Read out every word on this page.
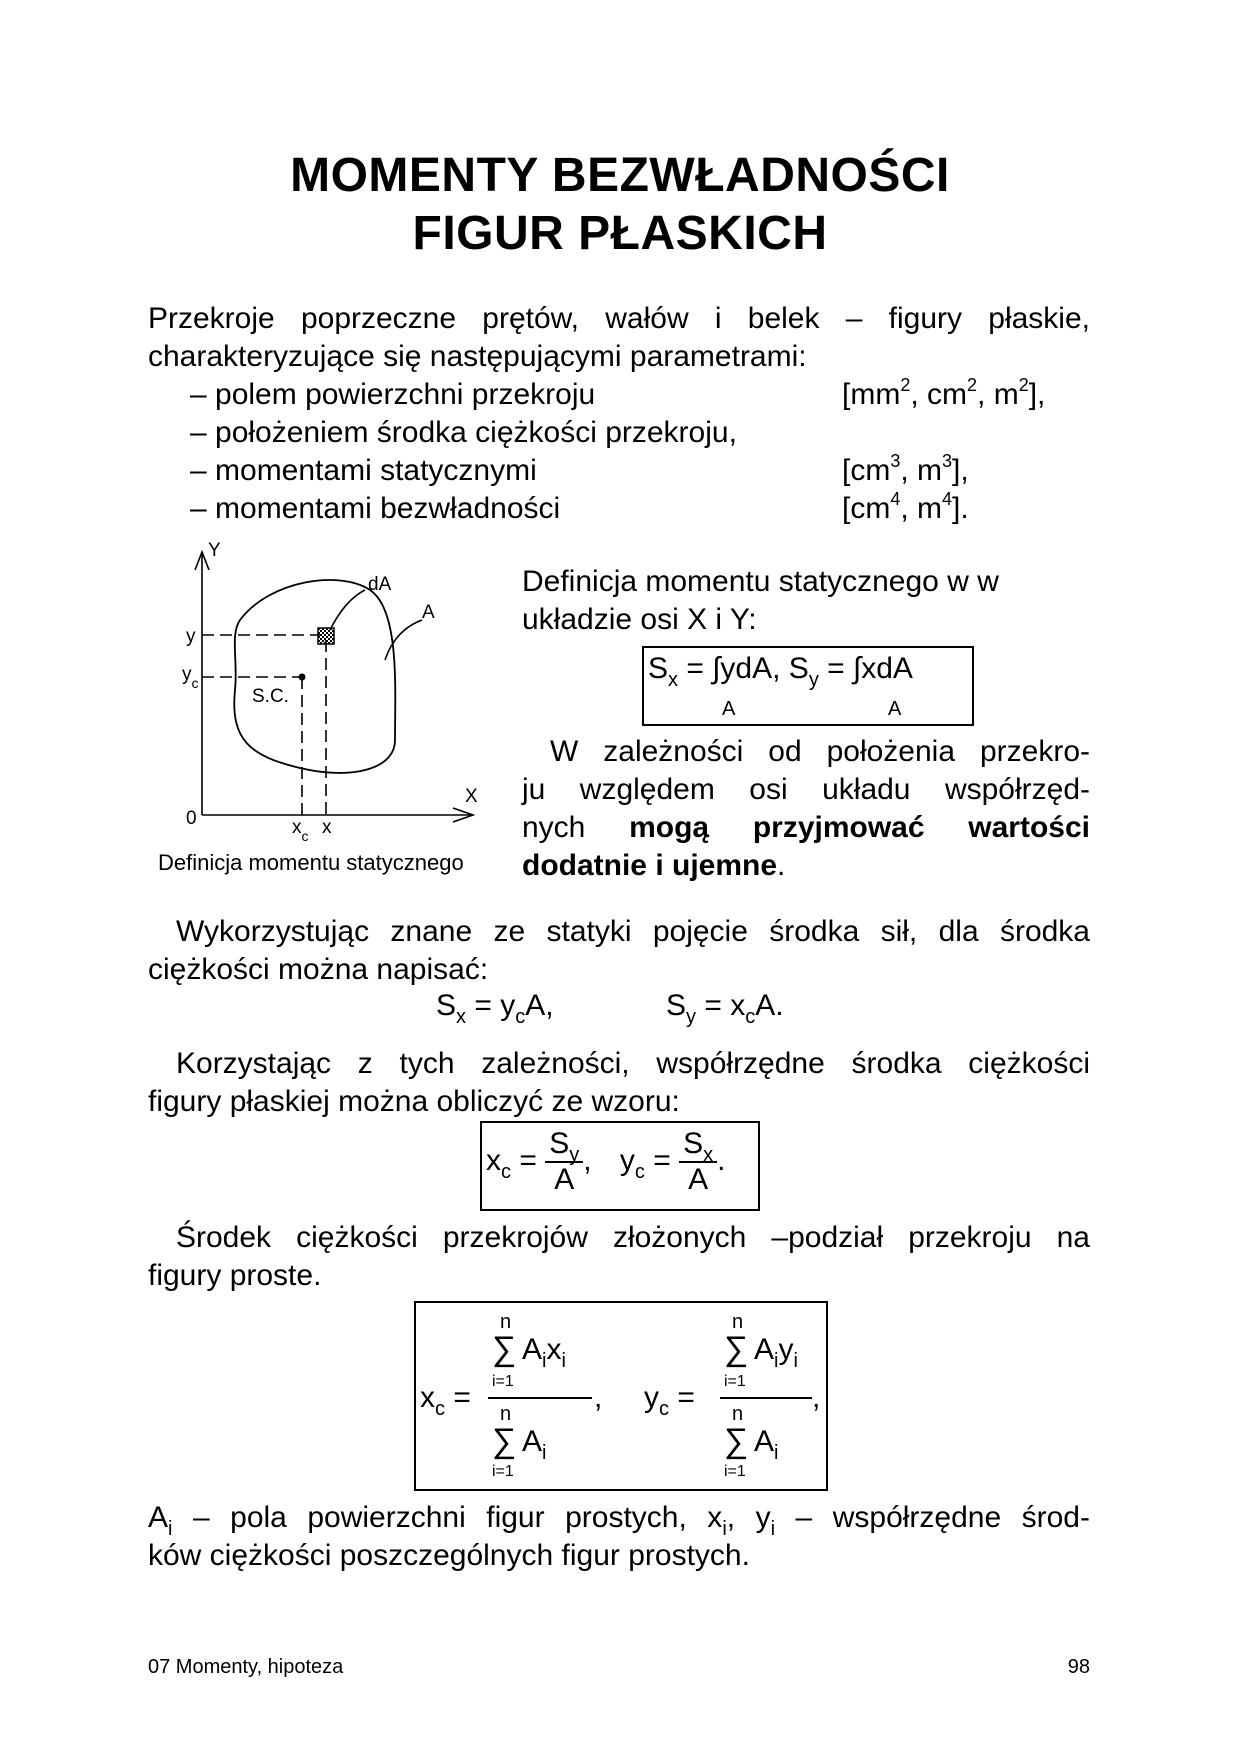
MOMENTY BEZWŁADNOŚCI
FIGUR PŁASKICH
Przekroje poprzeczne prętów, wałów i belek – figury płaskie,
charakteryzujące się następującymi parametrami:
– polem powierzchni przekroju	[$mm^2$, $cm^2$, $m^2$],
– położeniem środka ciężkości przekroju,
– momentami statycznymi	[$cm^3$, $m^3$],
– momentami bezwładności	[$cm^4$, $m^4$].
Y
X
0
y
$y_c$
$x_c$ x
dA
A
S.C.
Definicja momentu statycznego
Definicja momentu statycznego w w
układzie osi X i Y:
$S_x = \int ydA$, $S_y = \int xdA$
A	A
W zależności od położenia przekro-
ju względem osi układu współrzęd-
nych mogą przyjmować wartości
dodatnie i ujemne.
Wykorzystując znane ze statyki pojęcie środka sił, dla środka
ciężkości można napisać:
$S_x = y_cA$,	$S_y = x_cA$.
Korzystając z tych zależności, współrzędne środka ciężkości
figury płaskiej można obliczyć ze wzoru:
$x_c = \frac{S_y}{A}$ , $y_c = \frac{S_x}{A}$ .
Środek ciężkości przekrojów złożonych –podział przekroju na
figury proste.
$x_c$ =
n
∑ $A_ix_i$
i=1	,
n
∑ $A_i$
i=1
$y_c$ =
n
∑ $A_iy_i$
i=1 ,
n
∑ $A_i$
i=1
$A_i$ – pola powierzchni figur prostych, $x_i$, $y_i$ – współrzędne środ-
ków ciężkości poszczególnych figur prostych.
07 Momenty, hipoteza	98
